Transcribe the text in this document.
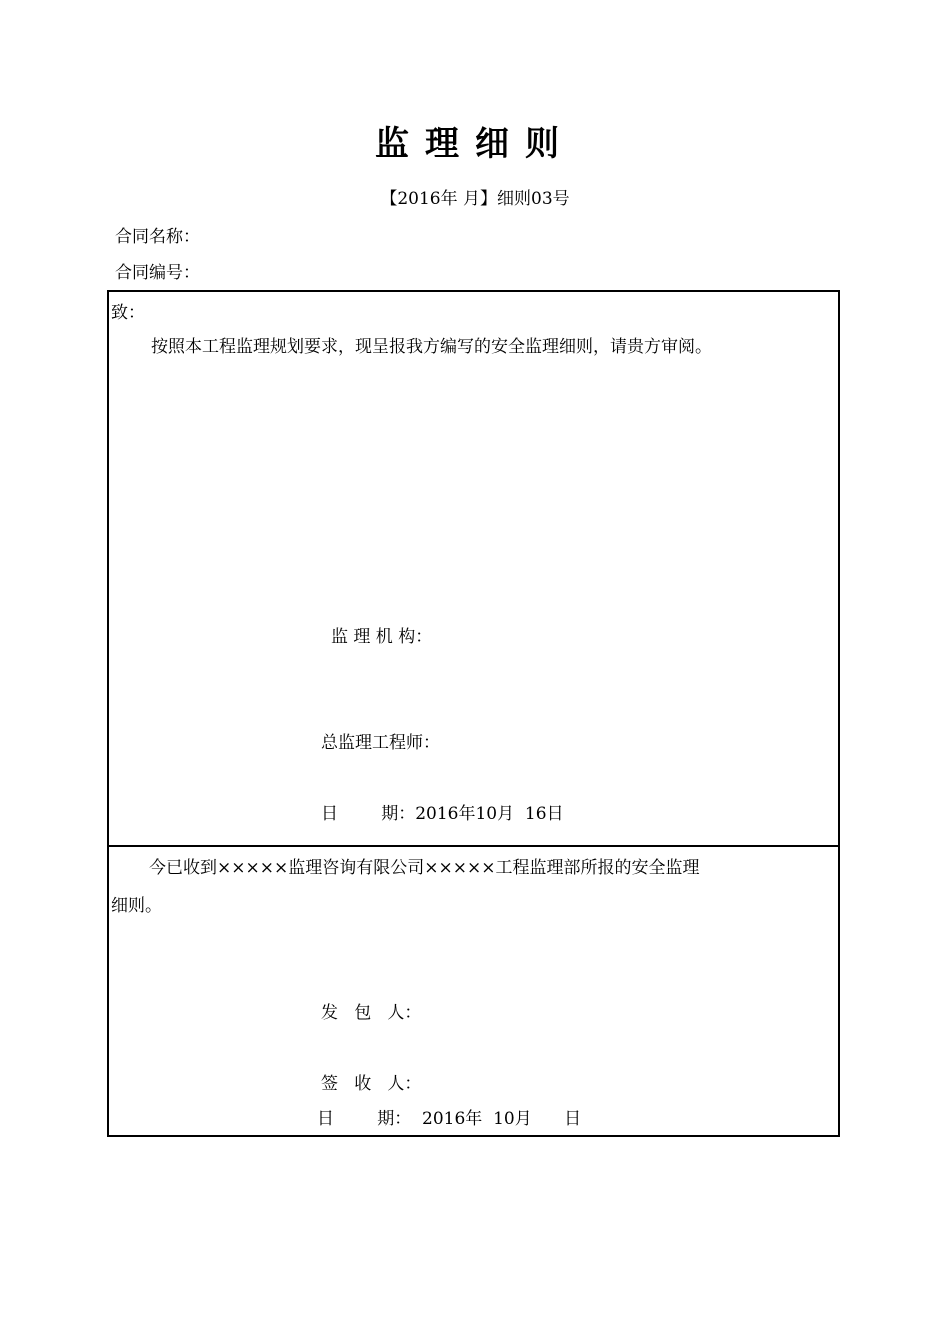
监理细则
【2016年 月】细则03号
合同名称：
合同编号：
致：
按照本工程监理规划要求，现呈报我方编写的安全监理细则，请贵方审阅。
监 理 机 构：
总监理工程师：
日        期：2016年10月  16日
今已收到×××××监理咨询有限公司×××××工程监理部所报的安全监理
细则。
发   包   人：
签   收   人：
日        期：  2016年  10月      日
